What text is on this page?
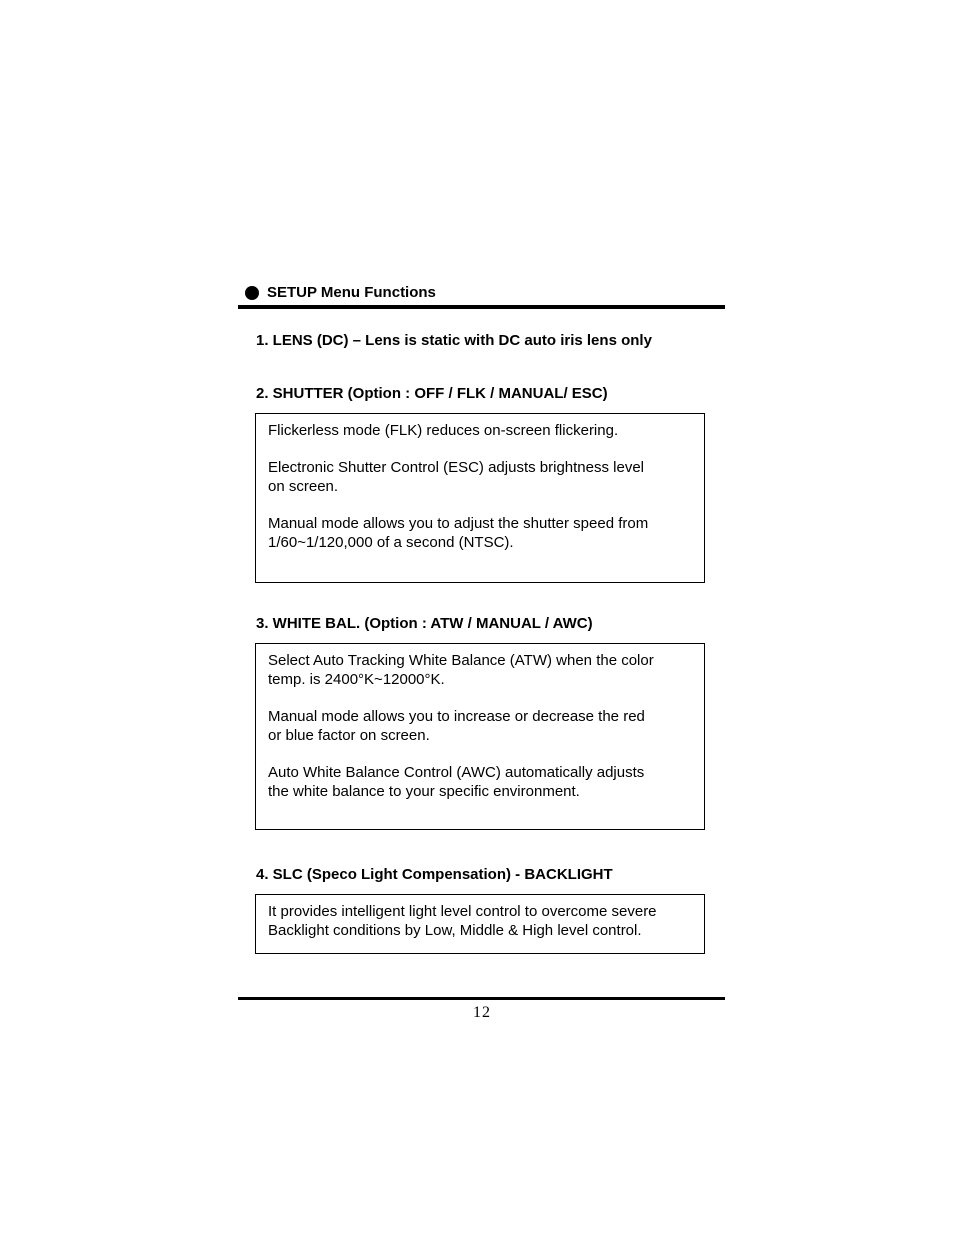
SETUP Menu Functions
1. LENS (DC) – Lens is static with DC auto iris lens only
2. SHUTTER (Option : OFF / FLK / MANUAL/ ESC)

Flickerless mode (FLK) reduces on-screen flickering.

Electronic Shutter Control (ESC) adjusts brightness level
on screen.

Manual mode allows you to adjust the shutter speed from
1/60~1/120,000 of a second (NTSC).

3. WHITE BAL. (Option : ATW / MANUAL / AWC)

Select Auto Tracking White Balance (ATW) when the color
temp. is 2400°K~12000°K.

Manual mode allows you to increase or decrease the red
or blue factor on screen.

Auto White Balance Control (AWC) automatically adjusts
the white balance to your specific environment.

4. SLC (Speco Light Compensation) - BACKLIGHT

It provides intelligent light level control to overcome severe
Backlight conditions by Low, Middle & High level control.

12
